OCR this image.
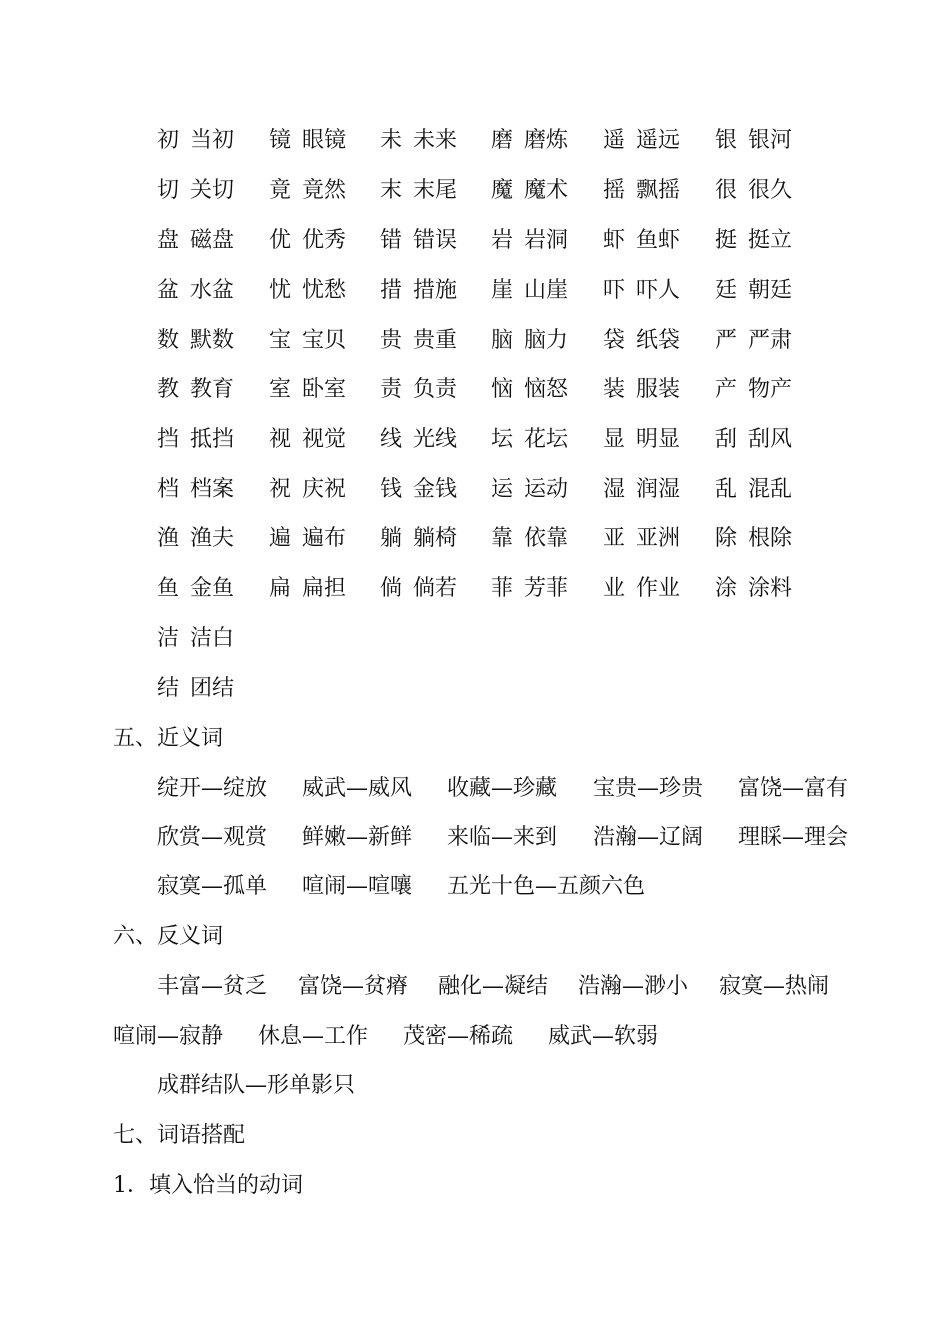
初 当初 镜 眼镜 未 未来 磨 磨炼 遥 遥远 银 银河
切 关切 竟 竟然 末 末尾 魔 魔术 摇 飘摇 很 很久
盘 磁盘 优 优秀 错 错误 岩 岩洞 虾 鱼虾 挺 挺立
盆 水盆 忧 忧愁 措 措施 崖 山崖 吓 吓人 廷 朝廷
数 默数 宝 宝贝 贵 贵重 脑 脑力 袋 纸袋 严 严肃
教 教育 室 卧室 责 负责 恼 恼怒 装 服装 产 物产
挡 抵挡 视 视觉 线 光线 坛 花坛 显 明显 刮 刮风
档 档案 祝 庆祝 钱 金钱 运 运动 湿 润湿 乱 混乱
渔 渔夫 遍 遍布 躺 躺椅 靠 依靠 亚 亚洲 除 根除
鱼 金鱼 扁 扁担 倘 倘若 菲 芳菲 业 作业 涂 涂料
洁 洁白
结 团结
五、近义词
绽开—绽放 威武—威风 收藏—珍藏 宝贵—珍贵 富饶—富有
欣赏—观赏 鲜嫩—新鲜 来临—来到 浩瀚—辽阔 理睬—理会
寂寞—孤单 喧闹—喧嚷 五光十色—五颜六色
六、反义词
丰富—贫乏 富饶—贫瘠 融化—凝结 浩瀚—渺小 寂寞—热闹
喧闹—寂静 休息—工作 茂密—稀疏 威武—软弱
成群结队—形单影只
七、词语搭配
1．填入恰当的动词
